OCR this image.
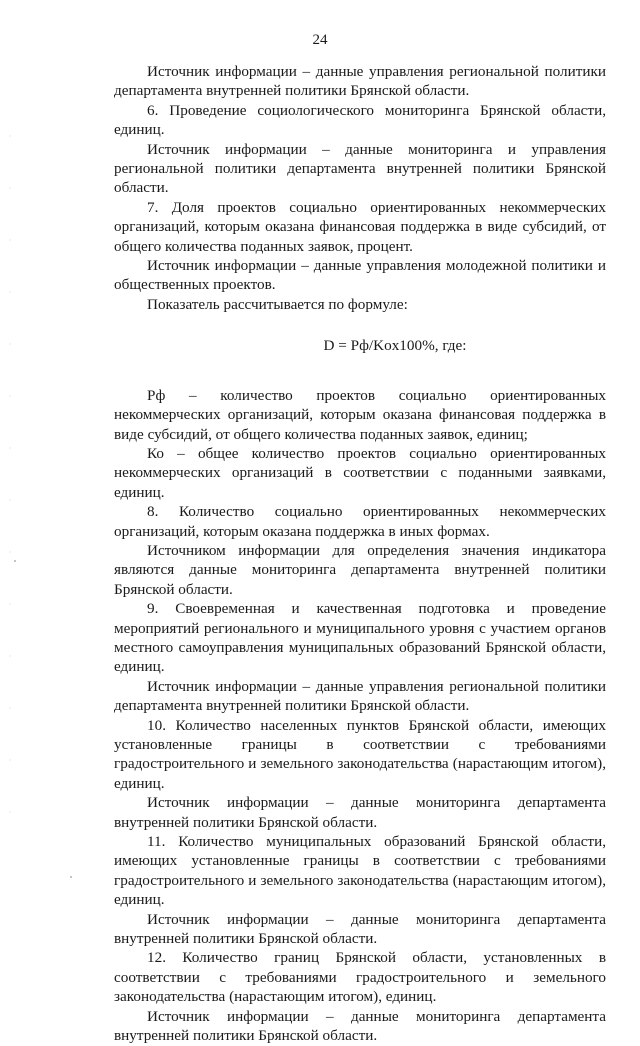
24

Источник информации – данные управления региональной политики департамента внутренней политики Брянской области.

6. Проведение социологического мониторинга Брянской области, единиц.

Источник информации – данные мониторинга и управления региональной политики департамента внутренней политики Брянской области.

7. Доля проектов социально ориентированных некоммерческих организаций, которым оказана финансовая поддержка в виде субсидий, от общего количества поданных заявок, процент.

Источник информации – данные управления молодежной политики и общественных проектов.

Показатель рассчитывается по формуле:

D = Pф/Kox100%, где:

Рф – количество проектов социально ориентированных некоммерческих организаций, которым оказана финансовая поддержка в виде субсидий, от общего количества поданных заявок, единиц;

Ко – общее количество проектов социально ориентированных некоммерческих организаций в соответствии с поданными заявками, единиц.

8. Количество социально ориентированных некоммерческих организаций, которым оказана поддержка в иных формах.

Источником информации для определения значения индикатора являются данные мониторинга департамента внутренней политики Брянской области.

9. Своевременная и качественная подготовка и проведение мероприятий регионального и муниципального уровня с участием органов местного самоуправления муниципальных образований Брянской области, единиц.

Источник информации – данные управления региональной политики департамента внутренней политики Брянской области.

10. Количество населенных пунктов Брянской области, имеющих установленные границы в соответствии с требованиями градостроительного и земельного законодательства (нарастающим итогом), единиц.

Источник информации – данные мониторинга департамента внутренней политики Брянской области.

11. Количество муниципальных образований Брянской области, имеющих установленные границы в соответствии с требованиями градостроительного и земельного законодательства (нарастающим итогом), единиц.

Источник информации – данные мониторинга департамента внутренней политики Брянской области.

12. Количество границ Брянской области, установленных в соответствии с требованиями градостроительного и земельного законодательства (нарастающим итогом), единиц.

Источник информации – данные мониторинга департамента внутренней политики Брянской области.
